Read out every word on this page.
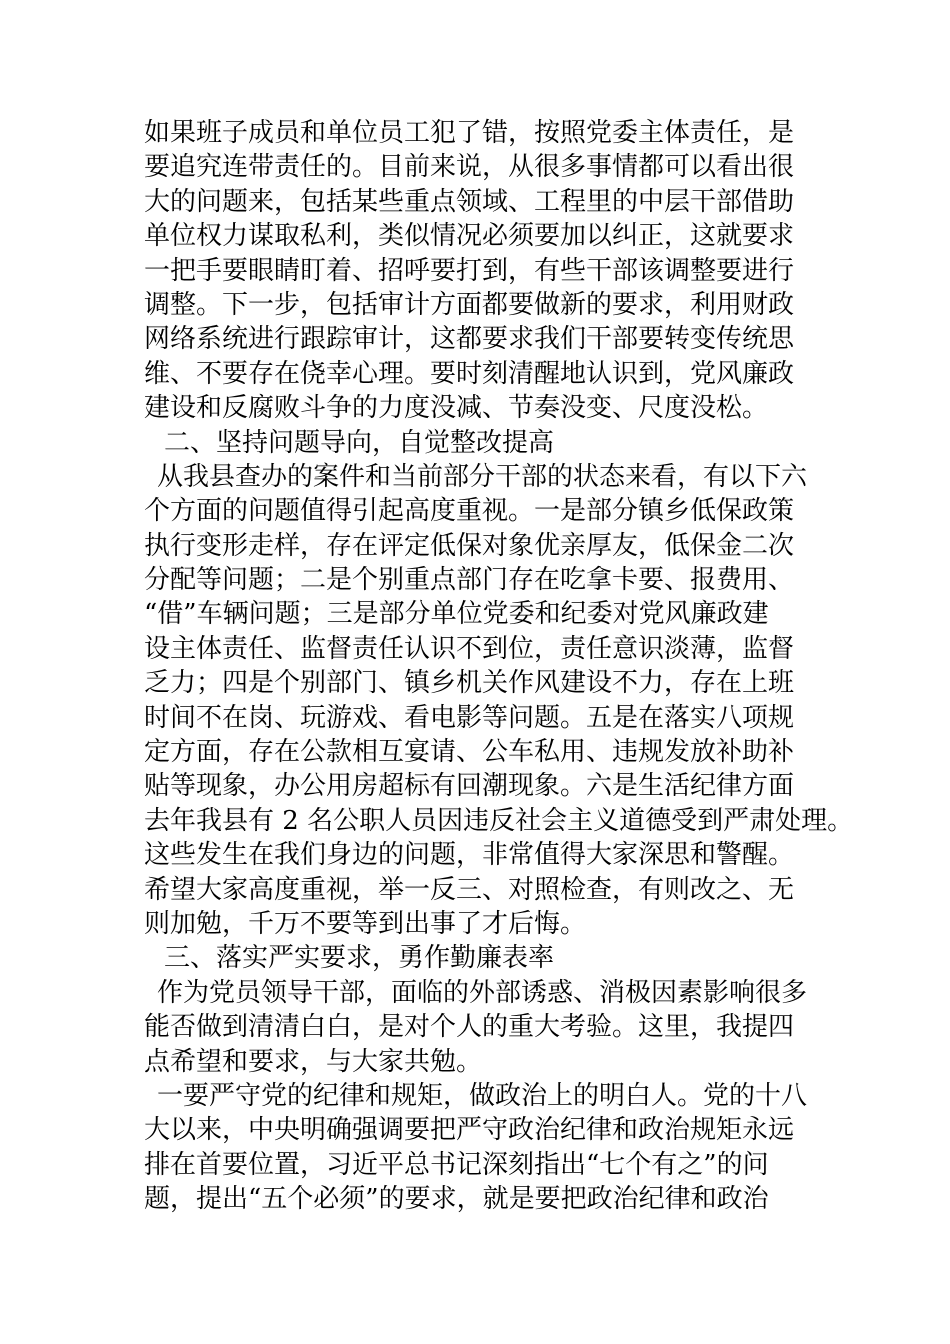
如果班子成员和单位员工犯了错，按照党委主体责任，是
要追究连带责任的。目前来说，从很多事情都可以看出很
大的问题来，包括某些重点领域、工程里的中层干部借助
单位权力谋取私利，类似情况必须要加以纠正，这就要求
一把手要眼睛盯着、招呼要打到，有些干部该调整要进行
调整。下一步，包括审计方面都要做新的要求，利用财政
网络系统进行跟踪审计，这都要求我们干部要转变传统思
维、不要存在侥幸心理。要时刻清醒地认识到，党风廉政
建设和反腐败斗争的力度没减、节奏没变、尺度没松。
二、坚持问题导向，自觉整改提高
从我县查办的案件和当前部分干部的状态来看，有以下六
个方面的问题值得引起高度重视。一是部分镇乡低保政策
执行变形走样，存在评定低保对象优亲厚友，低保金二次
分配等问题；二是个别重点部门存在吃拿卡要、报费用、
“借”车辆问题；三是部分单位党委和纪委对党风廉政建
设主体责任、监督责任认识不到位，责任意识淡薄，监督
乏力；四是个别部门、镇乡机关作风建设不力，存在上班
时间不在岗、玩游戏、看电影等问题。五是在落实八项规
定方面，存在公款相互宴请、公车私用、违规发放补助补
贴等现象，办公用房超标有回潮现象。六是生活纪律方面
去年我县有 2 名公职人员因违反社会主义道德受到严肃处理。
这些发生在我们身边的问题，非常值得大家深思和警醒。
希望大家高度重视，举一反三、对照检查，有则改之、无
则加勉，千万不要等到出事了才后悔。
三、落实严实要求，勇作勤廉表率
作为党员领导干部，面临的外部诱惑、消极因素影响很多
能否做到清清白白，是对个人的重大考验。这里，我提四
点希望和要求，与大家共勉。
一要严守党的纪律和规矩，做政治上的明白人。党的十八
大以来，中央明确强调要把严守政治纪律和政治规矩永远
排在首要位置，习近平总书记深刻指出“七个有之”的问
题，提出“五个必须”的要求，就是要把政治纪律和政治
